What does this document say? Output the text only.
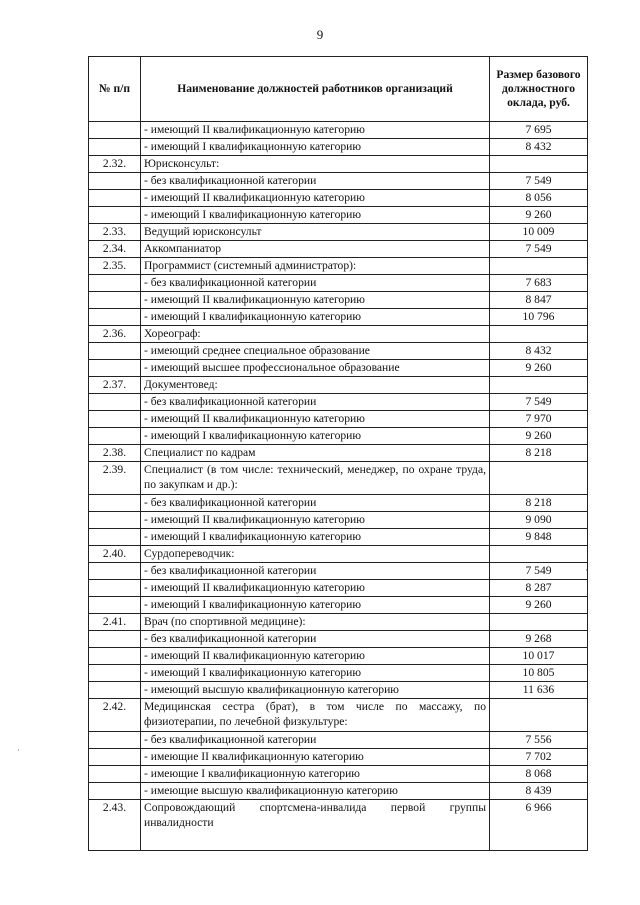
9
№ п/п	Наименование должностей работников организаций	Размер базового должностного оклада, руб.
	- имеющий II квалификационную категорию	7 695
	- имеющий I квалификационную категорию	8 432
2.32.	Юрисконсульт:	
	- без квалификационной категории	7 549
	- имеющий II квалификационную категорию	8 056
	- имеющий I квалификационную категорию	9 260
2.33.	Ведущий юрисконсульт	10 009
2.34.	Аккомпаниатор	7 549
2.35.	Программист (системный администратор):	
	- без квалификационной категории	7 683
	- имеющий II квалификационную категорию	8 847
	- имеющий I квалификационную категорию	10 796
2.36.	Хореограф:	
	- имеющий среднее специальное образование	8 432
	- имеющий высшее профессиональное образование	9 260
2.37.	Документовед:	
	- без квалификационной категории	7 549
	- имеющий II квалификационную категорию	7 970
	- имеющий I квалификационную категорию	9 260
2.38.	Специалист по кадрам	8 218
2.39.	Специалист (в том числе: технический, менеджер, по охране труда, по закупкам и др.):	
	- без квалификационной категории	8 218
	- имеющий II квалификационную категорию	9 090
	- имеющий I квалификационную категорию	9 848
2.40.	Сурдопереводчик:	
	- без квалификационной категории	7 549
	- имеющий II квалификационную категорию	8 287
	- имеющий I квалификационную категорию	9 260
2.41.	Врач (по спортивной медицине):	
	- без квалификационной категории	9 268
	- имеющий II квалификационную категорию	10 017
	- имеющий I квалификационную категорию	10 805
	- имеющий высшую квалификационную категорию	11 636
2.42.	Медицинская сестра (брат), в том числе по массажу, по физиотерапии, по лечебной физкультуре:	
	- без квалификационной категории	7 556
	- имеющие II квалификационную категорию	7 702
	- имеющие I квалификационную категорию	8 068
	- имеющие высшую квалификационную категорию	8 439
2.43.	Сопровождающий спортсмена-инвалида первой группы инвалидности	6 966
·
·
